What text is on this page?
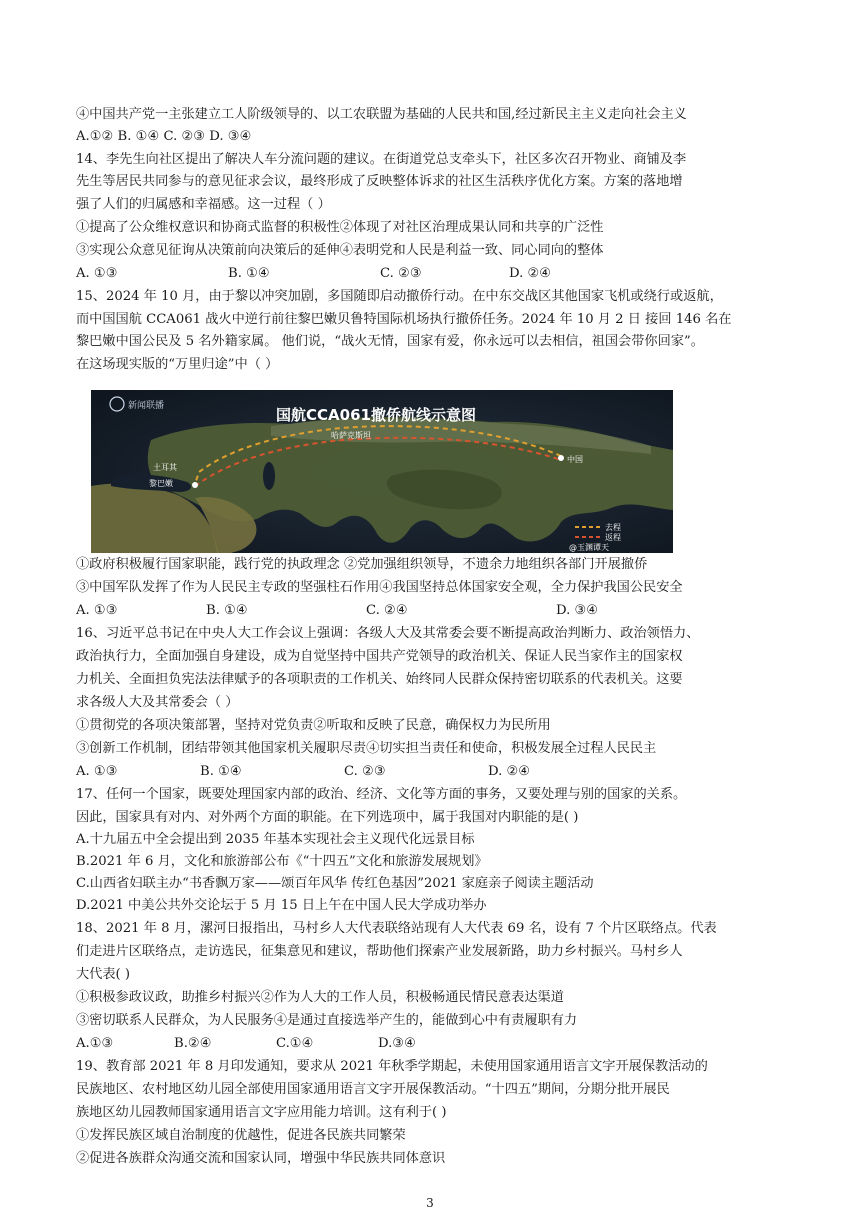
④中国共产党一主张建立工人阶级领导的、以工农联盟为基础的人民共和国,经过新民主主义走向社会主义
A.①② B. ①④ C. ②③ D. ③④
14、李先生向社区提出了解决人车分流问题的建议。在街道党总支牵头下，社区多次召开物业、商铺及李
先生等居民共同参与的意见征求会议，最终形成了反映整体诉求的社区生活秩序优化方案。方案的落地增
强了人们的归属感和幸福感。这一过程（ ）
①提高了公众维权意识和协商式监督的积极性②体现了对社区治理成果认同和共享的广泛性
③实现公众意见征询从决策前向决策后的延伸④表明党和人民是利益一致、同心同向的整体
A. ①③	B. ①④	C. ②③	D. ②④
15、2024 年 10 月，由于黎以冲突加剧，多国随即启动撤侨行动。在中东交战区其他国家飞机或绕行或返航，
而中国国航 CCA061 战火中逆行前往黎巴嫩贝鲁特国际机场执行撤侨任务。2024 年 10 月 2 日 接回 146 名在
黎巴嫩中国公民及 5 名外籍家属。 他们说，“战火无情，国家有爱，你永远可以去相信，祖国会带你回家”。
在这场现实版的“万里归途”中（ ）
国航CCA061撤侨航线示意图
新闻联播
哈萨克斯坦
中国
土耳其
黎巴嫩
去程
返程
@玉渊谭天
①政府积极履行国家职能，践行党的执政理念 ②党加强组织领导，不遗余力地组织各部门开展撤侨
③中国军队发挥了作为人民民主专政的坚强柱石作用④我国坚持总体国家安全观，全力保护我国公民安全
A. ①③	B. ①④	C. ②④	D. ③④
16、习近平总书记在中央人大工作会议上强调：各级人大及其常委会要不断提高政治判断力、政治领悟力、
政治执行力，全面加强自身建设，成为自觉坚持中国共产党领导的政治机关、保证人民当家作主的国家权
力机关、全面担负宪法法律赋予的各项职责的工作机关、始终同人民群众保持密切联系的代表机关。这要
求各级人大及其常委会（ ）
①贯彻党的各项决策部署，坚持对党负责②听取和反映了民意，确保权力为民所用
③创新工作机制，团结带领其他国家机关履职尽责④切实担当责任和使命，积极发展全过程人民民主
A. ①③	B. ①④	C. ②③	D. ②④
17、任何一个国家，既要处理国家内部的政治、经济、文化等方面的事务，又要处理与别的国家的关系。
因此，国家具有对内、对外两个方面的职能。在下列选项中，属于我国对内职能的是( )
A.十九届五中全会提出到 2035 年基本实现社会主义现代化远景目标
B.2021 年 6 月，文化和旅游部公布《“十四五”文化和旅游发展规划》
C.山西省妇联主办“书香飘万家——颂百年风华 传红色基因”2021 家庭亲子阅读主题活动
D.2021 中美公共外交论坛于 5 月 15 日上午在中国人民大学成功举办
18、2021 年 8 月，漯河日报指出，马村乡人大代表联络站现有人大代表 69 名，设有 7 个片区联络点。代表
们走进片区联络点，走访选民，征集意见和建议，帮助他们探索产业发展新路，助力乡村振兴。马村乡人
大代表( )
①积极参政议政，助推乡村振兴②作为人大的工作人员，积极畅通民情民意表达渠道
③密切联系人民群众，为人民服务④是通过直接选举产生的，能做到心中有责履职有力
A.①③	B.②④	C.①④	D.③④
19、教育部 2021 年 8 月印发通知，要求从 2021 年秋季学期起，未使用国家通用语言文字开展保教活动的
民族地区、农村地区幼儿园全部使用国家通用语言文字开展保教活动。“十四五”期间，分期分批开展民
族地区幼儿园教师国家通用语言文字应用能力培训。这有利于( )
①发挥民族区域自治制度的优越性，促进各民族共同繁荣
②促进各族群众沟通交流和国家认同，增强中华民族共同体意识
3
